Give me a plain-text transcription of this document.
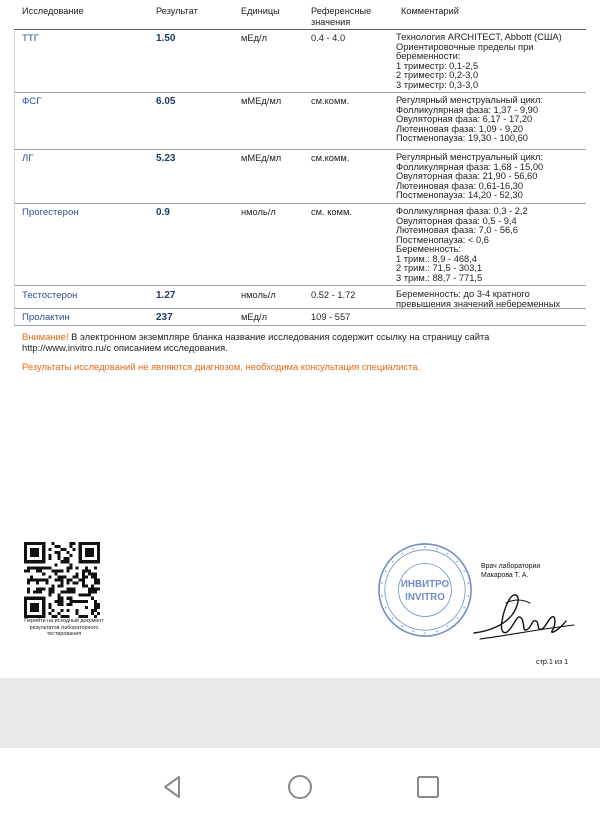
Исследование	Результат	Единицы	Референсные
значения
Комментарий
ТТГ	1.50	мЕд/л	0.4 - 4.0	Технология ARCHITECT, Abbott (США)
Ориентировочные пределы при
беременности:
1 триместр: 0,1-2,5
2 триместр: 0,2-3,0
3 триместр: 0,3-3,0
ФСГ	6.05	мМЕд/мл	см.комм.	Регулярный менструальный цикл:
Фолликулярная фаза: 1,37 - 9,90
Овуляторная фаза: 6,17 - 17,20
Лютеиновая фаза: 1,09 - 9,20
Постменопауза: 19,30 - 100,60
ЛГ	5.23	мМЕд/мл	см.комм.	Регулярный менструальный цикл:
Фолликулярная фаза: 1,68 - 15,00
Овуляторная фаза: 21,90 - 56,60
Лютеиновая фаза: 0,61-16,30
Постменопауза: 14,20 - 52,30
Прогестерон	0.9	нмоль/л	см. комм.	Фолликулярная фаза: 0,3 - 2,2
Овуляторная фаза: 0,5 - 9,4
Лютеиновая фаза: 7,0 - 56,6
Постменопауза: < 0,6
Беременность:
1 трим.: 8,9 - 468,4
2 трим.: 71,5 - 303,1
3 трим.: 88,7 - 771,5
Тестостерон	1.27	нмоль/л	0.52 - 1.72	Беременность: до 3-4 кратного
превышения значений небеременных
Пролактин	237	мЕд/л	109 - 557
Внимание! В электронном экземпляре бланка название исследования содержит ссылку на страницу сайта
http://www.invitro.ru/с описанием исследования.
Результаты исследований не являются диагнозом, необходима консультация специалиста.
Перейти на исходный документ результатов лабораторного тестирования
ИНВИТРО
INVITRO
Врач лаборатории
Макарова Т. А.
стр.1 из 1
